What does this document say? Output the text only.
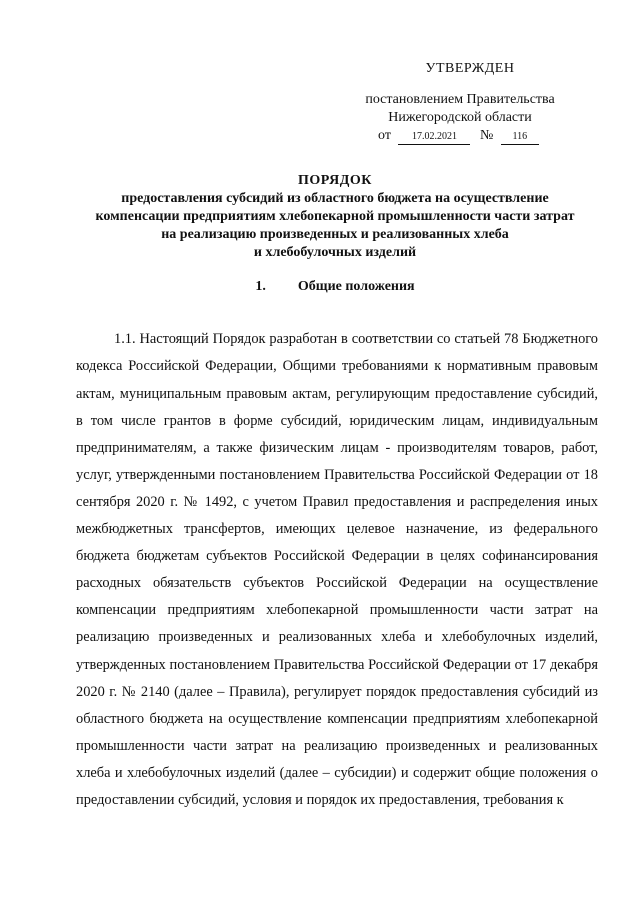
УТВЕРЖДЕН
постановлением Правительства
Нижегородской области
от 17.02.2021 № 116
ПОРЯДОК
предоставления субсидий из областного бюджета на осуществление
компенсации предприятиям хлебопекарной промышленности части затрат
на реализацию произведенных и реализованных хлеба
и хлебобулочных изделий
1. Общие положения

1.1. Настоящий Порядок разработан в соответствии со статьей 78 Бюджетного кодекса Российской Федерации, Общими требованиями к нормативным правовым актам, муниципальным правовым актам, регулирующим предоставление субсидий, в том числе грантов в форме субсидий, юридическим лицам, индивидуальным предпринимателям, а также физическим лицам - производителям товаров, работ, услуг, утвержденными постановлением Правительства Российской Федерации от 18 сентября 2020 г. № 1492, с учетом Правил предоставления и распределения иных межбюджетных трансфертов, имеющих целевое назначение, из федерального бюджета бюджетам субъектов Российской Федерации в целях софинансирования расходных обязательств субъектов Российской Федерации на осуществление компенсации предприятиям хлебопекарной промышленности части затрат на реализацию произведенных и реализованных хлеба и хлебобулочных изделий, утвержденных постановлением Правительства Российской Федерации от 17 декабря 2020 г. № 2140 (далее – Правила), регулирует порядок предоставления субсидий из областного бюджета на осуществление компенсации предприятиям хлебопекарной промышленности части затрат на реализацию произведенных и реализованных хлеба и хлебобулочных изделий (далее – субсидии) и содержит общие положения о предоставлении субсидий, условия и порядок их предоставления, требования к
